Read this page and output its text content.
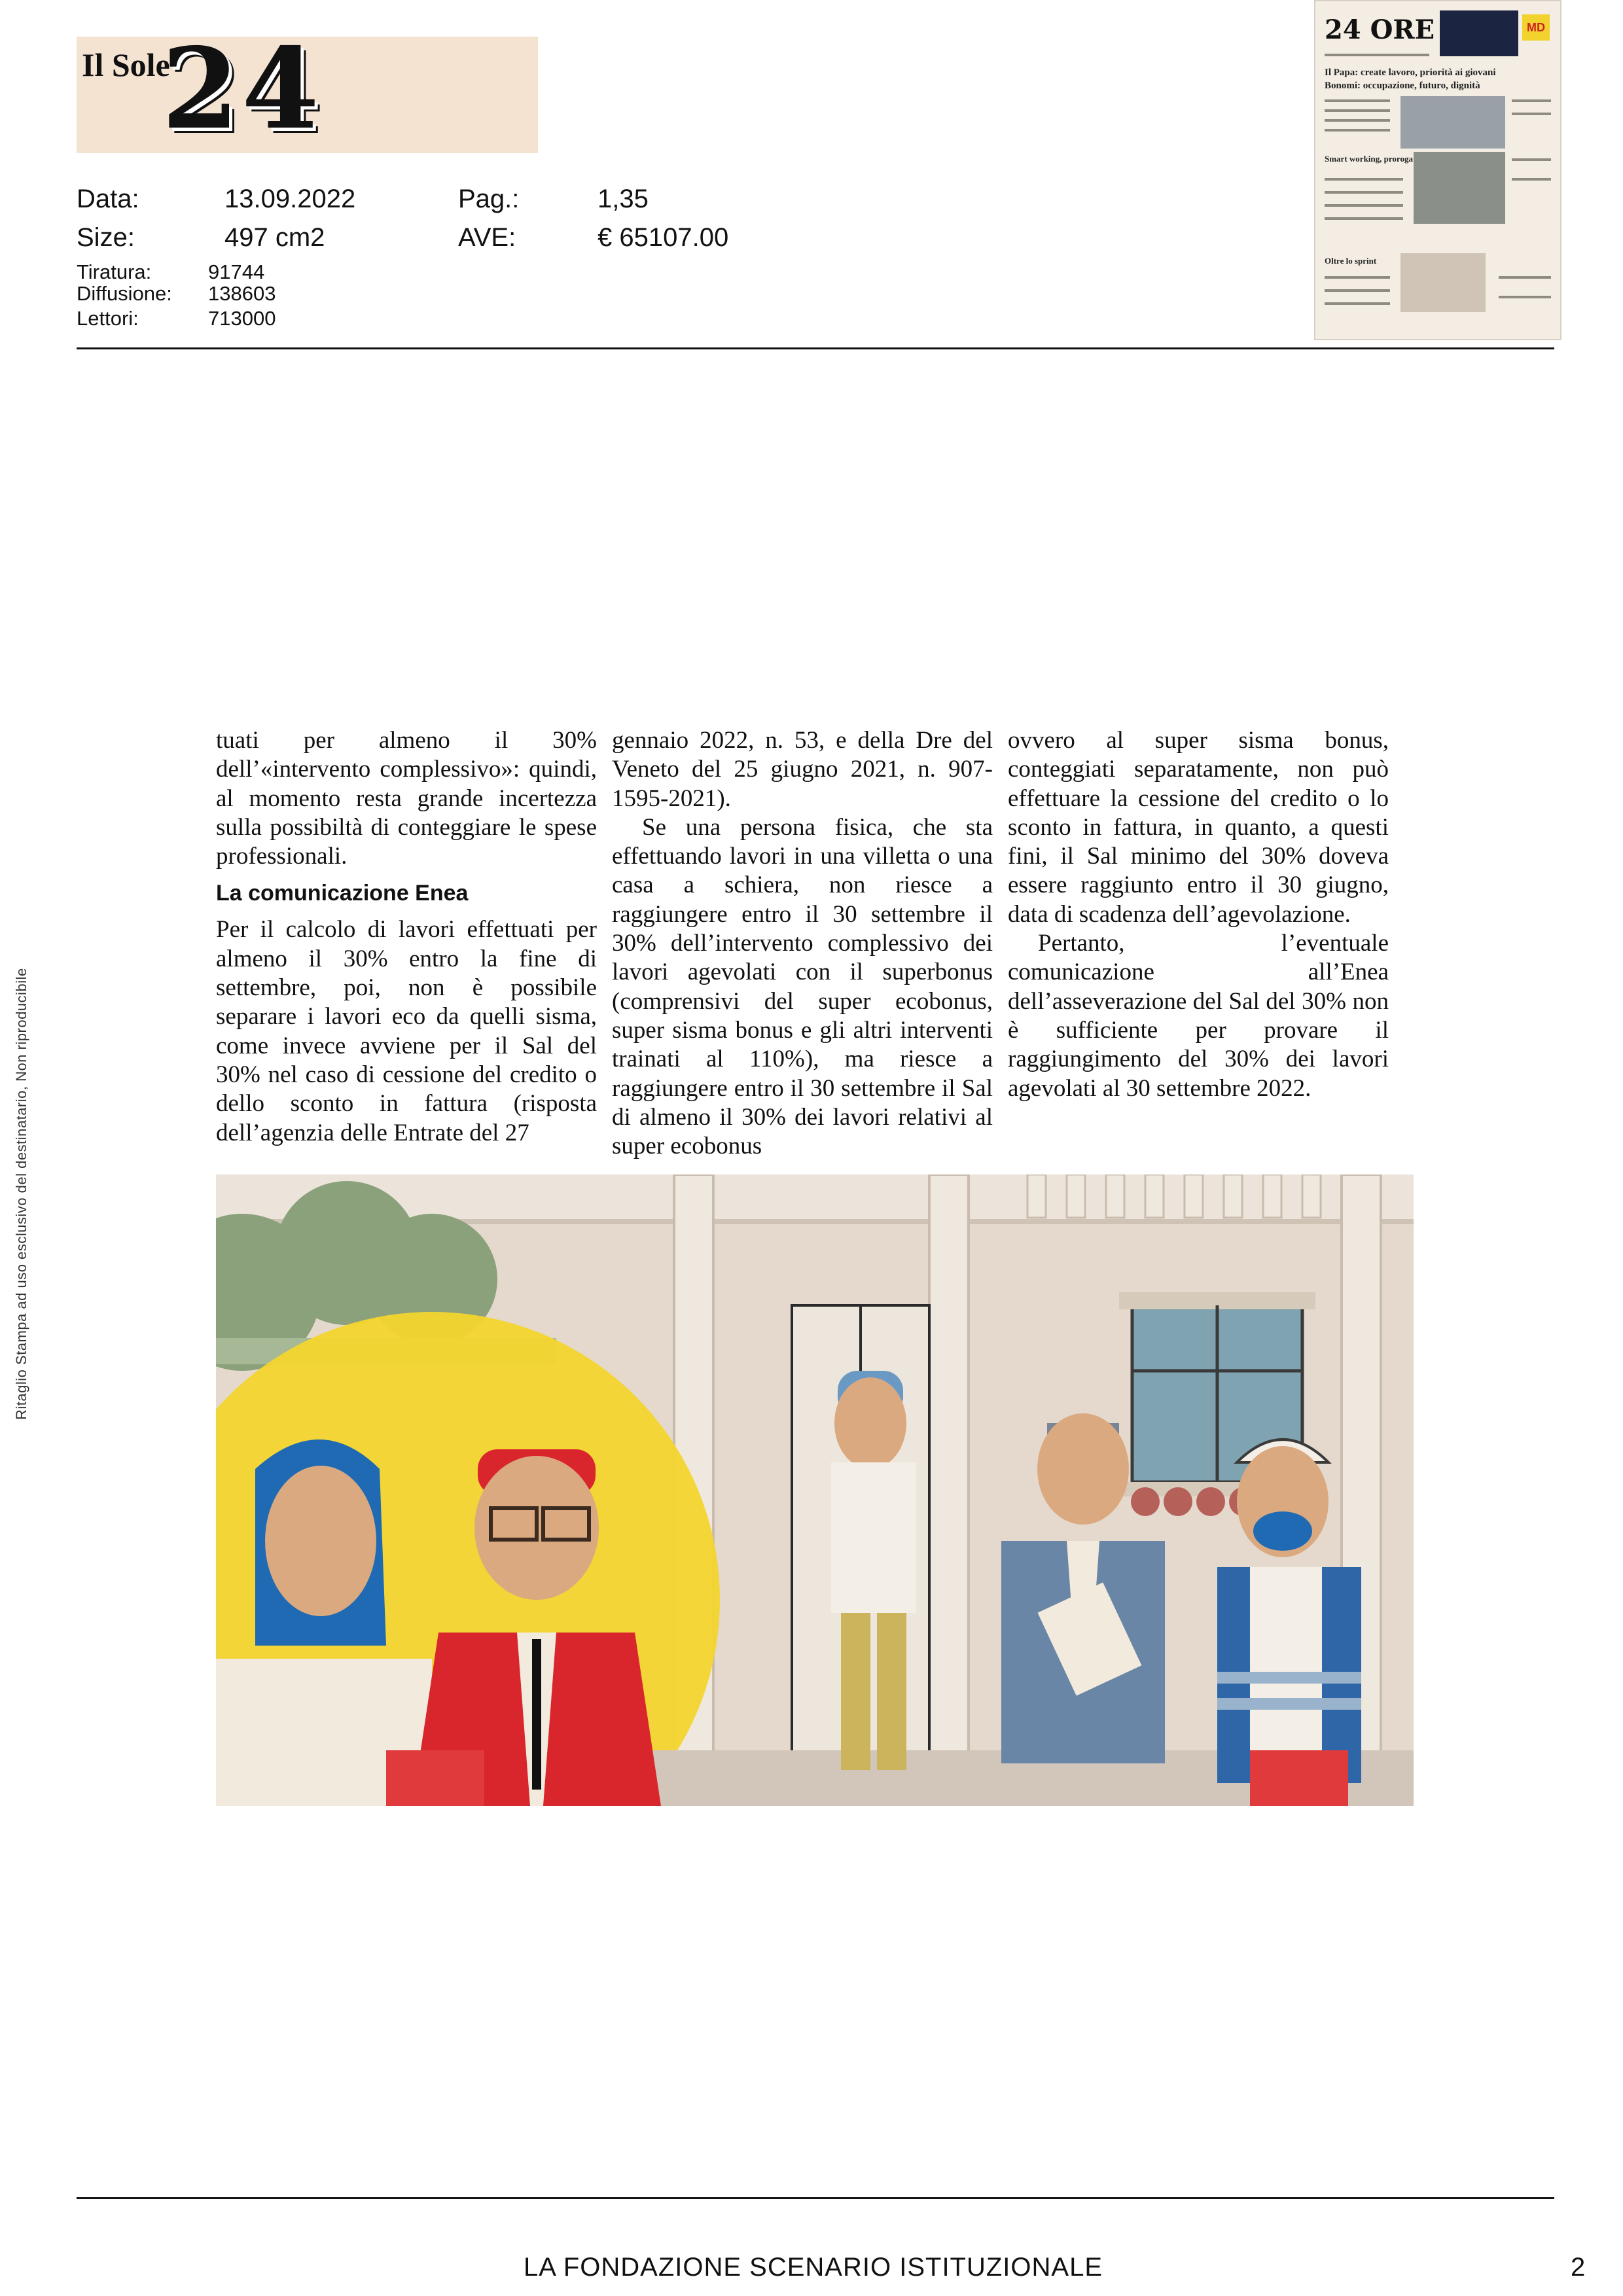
Il Sole
24
Data:	13.09.2022	Pag.:	1,35
Size:	497 cm2	AVE:	€ 65107.00
Tiratura:	91744
Diffusione: 138603
Lettori:	713000
24 ORE	MD
Il Papa: create lavoro, priorità ai giovani
Bonomi: occupazione, futuro, dignità
Smart working, proroga
Oltre lo sprint
Ritaglio Stampa ad uso esclusivo del destinatario, Non riproducibile

tuati per almeno il 30% dell’«intervento complessivo»: quindi, al momento resta grande incertezza sulla possibiltà di conteggiare le spese professionali.

La comunicazione Enea

Per il calcolo di lavori effettuati per almeno il 30% entro la fine di settembre, poi, non è possibile separare i lavori eco da quelli sisma, come invece avviene per il Sal del 30% nel caso di cessione del credito o dello sconto in fattura (risposta dell’agenzia delle Entrate del 27

gennaio 2022, n. 53, e della Dre del Veneto del 25 giugno 2021, n. 907-1595-2021).

Se una persona fisica, che sta effettuando lavori in una villetta o una casa a schiera, non riesce a raggiungere entro il 30 settembre il 30% dell’intervento complessivo dei lavori agevolati con il superbonus (comprensivi del super ecobonus, super sisma bonus e gli altri interventi trainati al 110%), ma riesce a raggiungere entro il 30 settembre il Sal di almeno il 30% dei lavori relativi al super ecobonus

ovvero al super sisma bonus, conteggiati separatamente, non può effettuare la cessione del credito o lo sconto in fattura, in quanto, a questi fini, il Sal minimo del 30% doveva essere raggiunto entro il 30 giugno, data di scadenza dell’agevolazione.

Pertanto, l’eventuale comunicazione all’Enea dell’asseverazione del Sal del 30% non è sufficiente per provare il raggiungimento del 30% dei lavori agevolati al 30 settembre 2022.

LA FONDAZIONE SCENARIO ISTITUZIONALE	2
